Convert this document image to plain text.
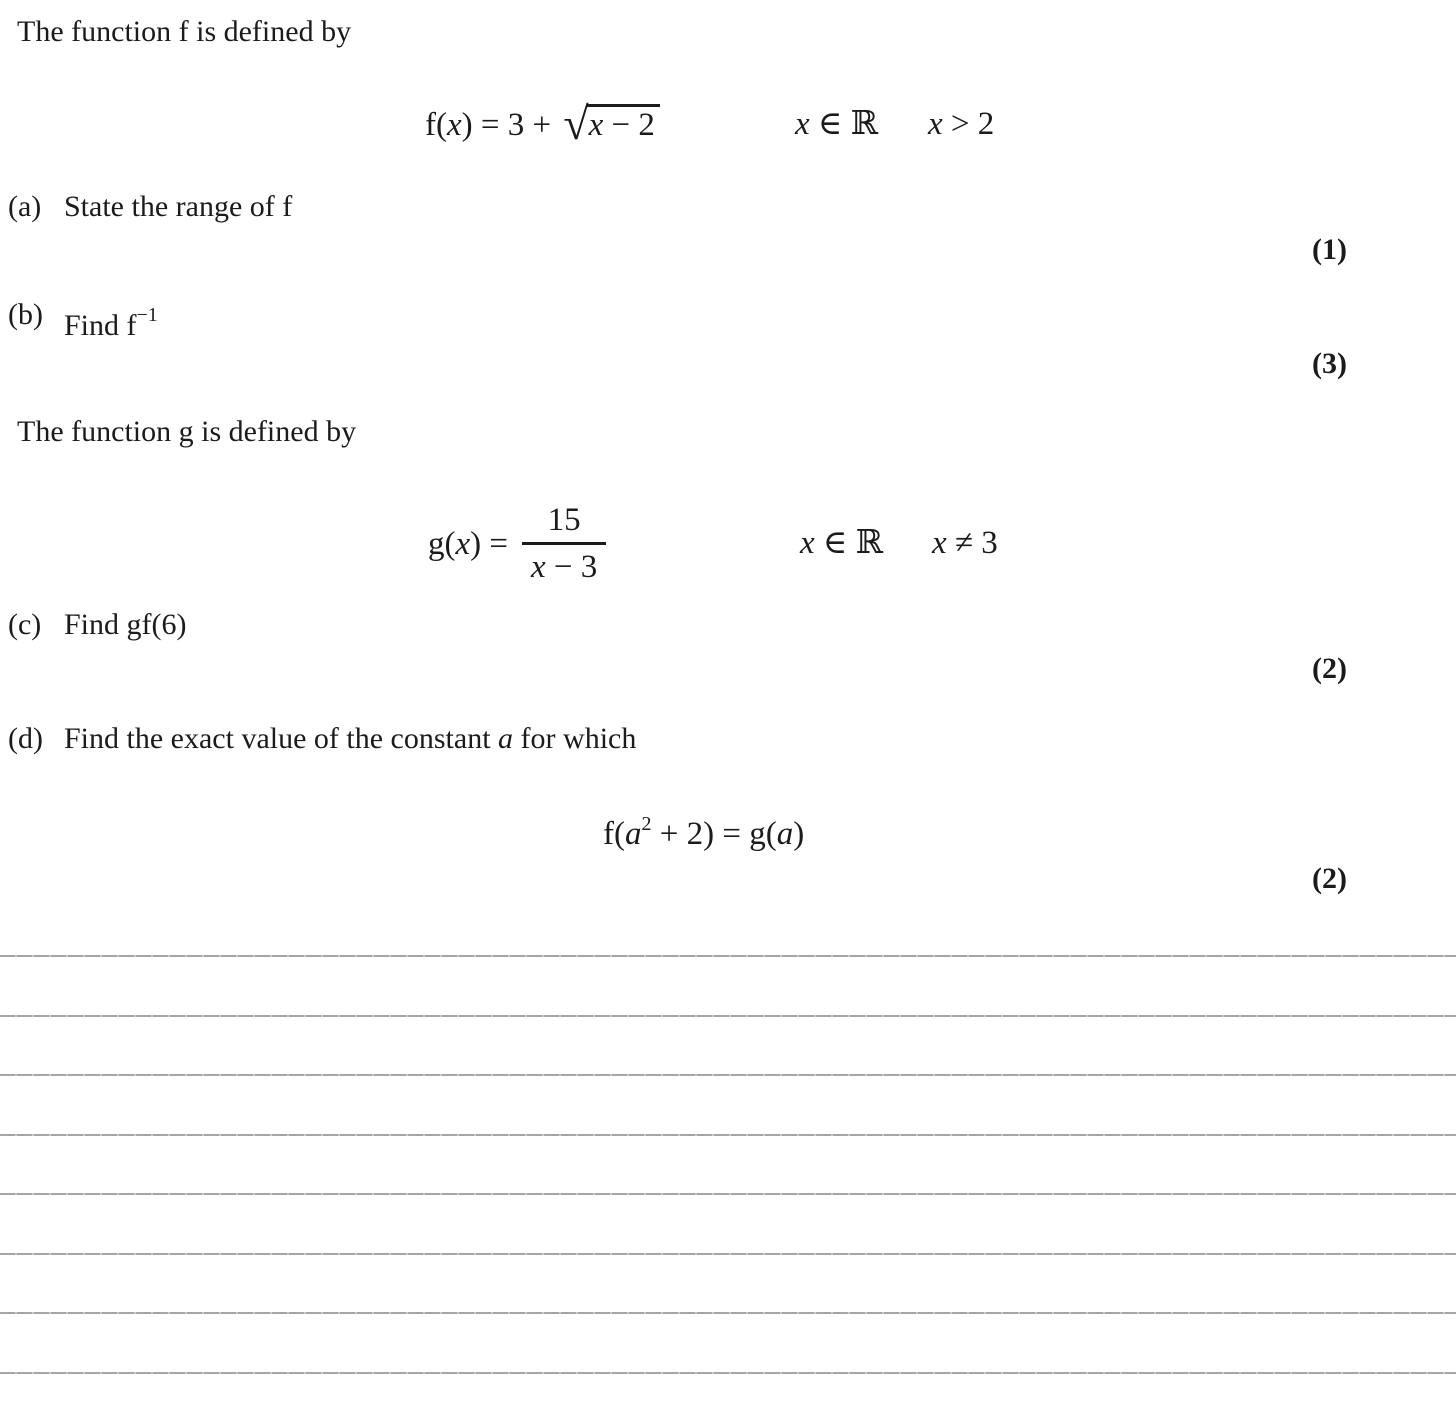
The function f is defined by
f(x) = 3 + √x − 2	x ∈ ℝ x > 2
(a) State the range of f
(1)
(b) Find $f^{-1}$
(3)
The function g is defined by
$g(x) = \frac{15}{x - 3}$	x ∈ ℝ x ≠ 3
(c) Find gf(6)
(2)
(d) Find the exact value of the constant a for which
$f(a^2 + 2) = g(a)$
(2)
